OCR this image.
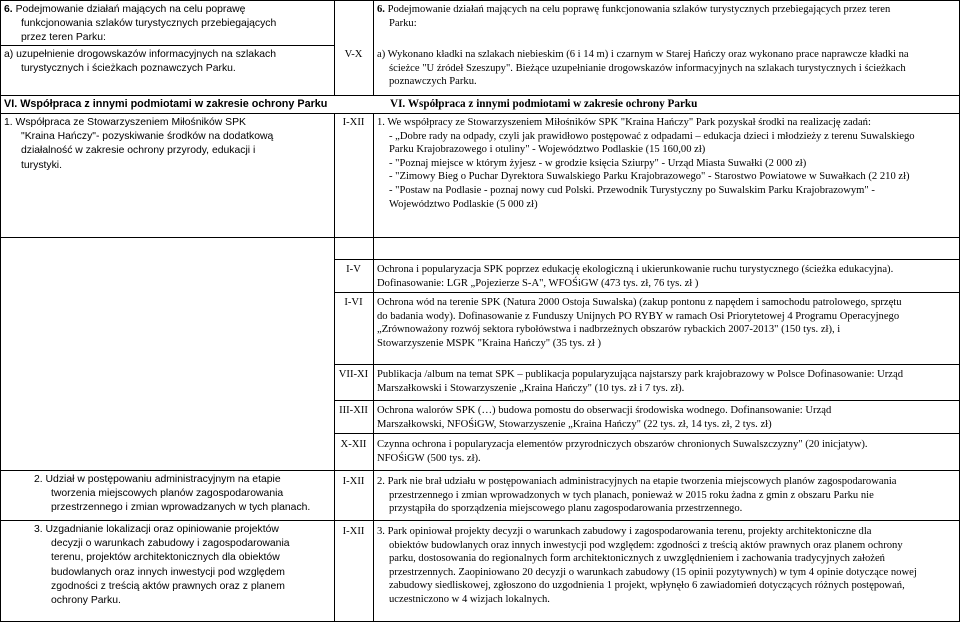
6. Podejmowanie działań mających na celu poprawę
funkcjonowania szlaków turystycznych przebiegających
przez teren Parku:
6. Podejmowanie działań mających na celu poprawę funkcjonowania szlaków turystycznych przebiegających przez teren
Parku:
a) uzupełnienie drogowskazów informacyjnych na szlakach
turystycznych i ścieżkach poznawczych Parku.
V-X	a) Wykonano kładki na szlakach niebieskim (6 i 14 m) i czarnym w Starej Hańczy oraz wykonano prace naprawcze kładki na
ścieżce "U źródeł Szeszupy". Bieżące uzupełnianie drogowskazów informacyjnych na szlakach turystycznych i ścieżkach
poznawczych Parku.
VI. Współpraca z innymi podmiotami w zakresie ochrony Parku	VI. Współpraca z innymi podmiotami w zakresie ochrony Parku
1. Współpraca ze Stowarzyszeniem Miłośników SPK
"Kraina Hańczy"- pozyskiwanie środków na dodatkową
działalność w zakresie ochrony przyrody, edukacji i
turystyki.
I-XII	1. We współpracy ze Stowarzyszeniem Miłośników SPK "Kraina Hańczy" Park pozyskał środki na realizację zadań:
- „Dobre rady na odpady, czyli jak prawidłowo postępować z odpadami – edukacja dzieci i młodzieży z terenu Suwalskiego
Parku Krajobrazowego i otuliny" - Województwo Podlaskie (15 160,00 zł)
- "Poznaj miejsce w którym żyjesz - w grodzie księcia Sziurpy" - Urząd Miasta Suwałki (2 000 zł)
- "Zimowy Bieg o Puchar Dyrektora Suwalskiego Parku Krajobrazowego" - Starostwo Powiatowe w Suwałkach (2 210 zł)
- "Postaw na Podlasie - poznaj nowy cud Polski. Przewodnik Turystyczny po Suwalskim Parku Krajobrazowym" -
Województwo Podlaskie (5 000 zł)
I-V	Ochrona i popularyzacja SPK poprzez edukację ekologiczną i ukierunkowanie ruchu turystycznego (ścieżka edukacyjna).
Dofinasowanie: LGR „Pojezierze S-A", WFOŚiGW (473 tys. zł, 76 tys. zł )
I-VI	Ochrona wód na terenie SPK (Natura 2000 Ostoja Suwalska) (zakup pontonu z napędem i samochodu patrolowego, sprzętu
do badania wody). Dofinasowanie z Funduszy Unijnych PO RYBY w ramach Osi Priorytetowej 4 Programu Operacyjnego
„Zrównoważony rozwój sektora rybołówstwa i nadbrzeżnych obszarów rybackich 2007-2013" (150 tys. zł), i
Stowarzyszenie MSPK "Kraina Hańczy" (35 tys. zł )
VII-XI Publikacja /album na temat SPK – publikacja popularyzująca najstarszy park krajobrazowy w Polsce Dofinasowanie: Urząd
Marszałkowski i Stowarzyszenie „Kraina Hańczy" (10 tys. zł i 7 tys. zł).
III-XII Ochrona walorów SPK (…) budowa pomostu do obserwacji środowiska wodnego. Dofinansowanie: Urząd
Marszałkowski, NFOŚiGW, Stowarzyszenie „Kraina Hańczy" (22 tys. zł, 14 tys. zł, 2 tys. zł)
X-XII Czynna ochrona i popularyzacja elementów przyrodniczych obszarów chronionych Suwalszczyzny" (20 inicjatyw).
NFOŚiGW (500 tys. zł).
2. Udział w postępowaniu administracyjnym na etapie
tworzenia miejscowych planów zagospodarowania
przestrzennego i zmian wprowadzanych w tych planach.
I-XII	2. Park nie brał udziału w postępowaniach administracyjnych na etapie tworzenia miejscowych planów zagospodarowania
przestrzennego i zmian wprowadzonych w tych planach, ponieważ w 2015 roku żadna z gmin z obszaru Parku nie
przystąpiła do sporządzenia miejscowego planu zagospodarowania przestrzennego.
3. Uzgadnianie lokalizacji oraz opiniowanie projektów
decyzji o warunkach zabudowy i zagospodarowania
terenu, projektów architektonicznych dla obiektów
budowlanych oraz innych inwestycji pod względem
zgodności z treścią aktów prawnych oraz z planem
ochrony Parku.
I-XII	3. Park opiniował projekty decyzji o warunkach zabudowy i zagospodarowania terenu, projekty architektoniczne dla
obiektów budowlanych oraz innych inwestycji pod względem: zgodności z treścią aktów prawnych oraz planem ochrony
parku, dostosowania do regionalnych form architektonicznych z uwzględnieniem i zachowania tradycyjnych założeń
przestrzennych. Zaopiniowano 20 decyzji o warunkach zabudowy (15 opinii pozytywnych) w tym 4 opinie dotyczące nowej
zabudowy siedliskowej, zgłoszono do uzgodnienia 1 projekt, wpłynęło 6 zawiadomień dotyczących różnych postępowań,
uczestniczono w 4 wizjach lokalnych.
